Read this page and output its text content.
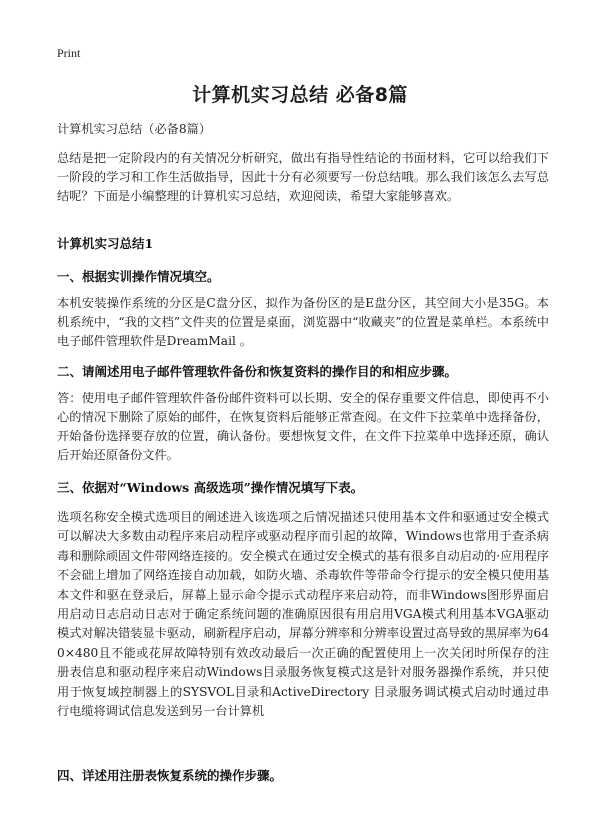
Print
计算机实习总结 必备8篇
计算机实习总结（必备8篇）
总结是把一定阶段内的有关情况分析研究，做出有指导性结论的书面材料，它可以给我们下一阶段的学习和工作生活做指导，因此十分有必须要写一份总结哦。那么我们该怎么去写总结呢？下面是小编整理的计算机实习总结，欢迎阅读，希望大家能够喜欢。
计算机实习总结1
一、根据实训操作情况填空。
本机安装操作系统的分区是C盘分区，拟作为备份区的是E盘分区，其空间大小是35G。本机系统中，“我的文档”文件夹的位置是桌面，浏览器中“收藏夹”的位置是菜单栏。本系统中电子邮件管理软件是DreamMail 。
二、请阐述用电子邮件管理软件备份和恢复资料的操作目的和相应步骤。
答：使用电子邮件管理软件备份邮件资料可以长期、安全的保存重要文件信息，即使再不小心的情况下删除了原始的邮件，在恢复资料后能够正常查阅。在文件下拉菜单中选择备份，开始备份选择要存放的位置，确认备份。要想恢复文件，在文件下拉菜单中选择还原，确认后开始还原备份文件。
三、依据对“Windows 高级选项”操作情况填写下表。
选项名称安全模式选项目的阐述进入该选项之后情况描述只使用基本文件和驱通过安全模式可以解决大多数由动程序来启动程序或驱动程序而引起的故障，Windows也常用于查杀病毒和删除顽固文件带网络连接的。安全模式在通过安全模式的基有很多自动启动的·应用程序不会础上增加了网络连接自动加载，如防火墙、杀毒软件等带命令行提示的安全模只使用基本文件和驱在登录后，屏幕上显示命令提示式动程序来启动符，而非Windows图形界面启用启动日志启动日志对于确定系统问题的准确原因很有用启用VGA模式利用基本VGA驱动模式对解决错装显卡驱动，刷新程序启动，屏幕分辨率和分辨率设置过高导致的黑屏率为640×480且不能或花屏故障特别有效改动最后一次正确的配置使用上一次关闭时所保存的注册表信息和驱动程序来启动Windows目录服务恢复模式这是针对服务器操作系统，并只使用于恢复域控制器上的SYSVOL目录和ActiveDirectory 目录服务调试模式启动时通过串行电缆将调试信息发送到另一台计算机
四、详述用注册表恢复系统的操作步骤。
